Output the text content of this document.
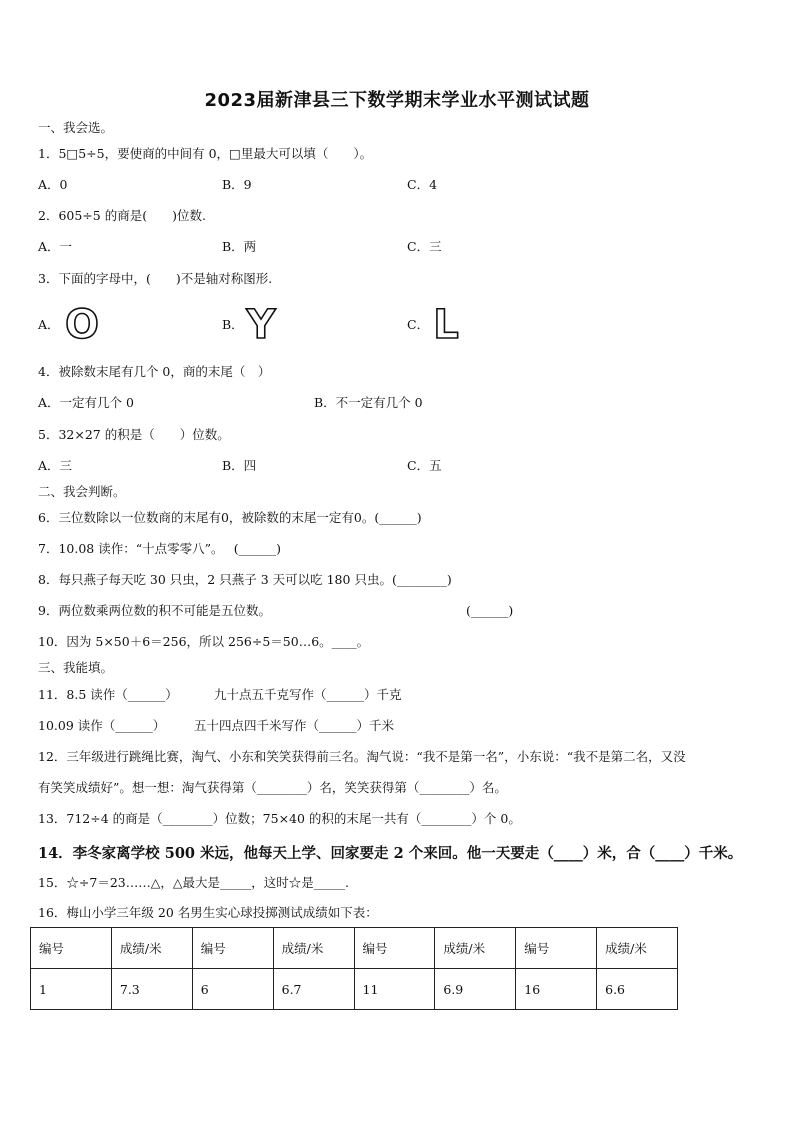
2023届新津县三下数学期末学业水平测试试题
一、我会选。
1．5□5÷5，要使商的中间有 0，□里最大可以填（　　）。
A．0	B．9	C．4
2．605÷5 的商是(　　)位数.
A．一	B．两	C．三
3．下面的字母中，(　　)不是轴对称图形.
A． O	B． Y	C． L
4．被除数末尾有几个 0，商的末尾（　）
A．一定有几个 0	B．不一定有几个 0
5．32×27 的积是（　　）位数。
A．三	B．四	C．五
二、我会判断。
6．三位数除以一位数商的末尾有0，被除数的末尾一定有0。(______)
7．10.08 读作：“十点零零八”。　 (______)
8．每只燕子每天吃 30 只虫，2 只燕子 3 天可以吃 180 只虫。(________)
9．两位数乘两位数的积不可能是五位数。	(______)
10．因为 5×50＋6＝256，所以 256÷5＝50…6。____。
三、我能填。
11．8.5 读作（______）	九十点五千克写作（______）千克
10.09 读作（______） 五十四点四千米写作（______）千米
12．三年级进行跳绳比赛，淘气、小东和笑笑获得前三名。淘气说：“我不是第一名”，小东说：“我不是第二名，又没
有笑笑成绩好”。想一想：淘气获得第（________）名，笑笑获得第（________）名。
13．712÷4 的商是（________）位数；75×40 的积的末尾一共有（________）个 0。
14．李冬家离学校 500 米远，他每天上学、回家要走 2 个来回。他一天要走（____）米，合（____）千米。
15．☆÷7＝23……△，△最大是_____，这时☆是_____.
16．梅山小学三年级 20 名男生实心球投掷测试成绩如下表：
编号	成绩/米	编号	成绩/米	编号	成绩/米	编号	成绩/米
1	7.3	6	6.7	11	6.9	16	6.6
